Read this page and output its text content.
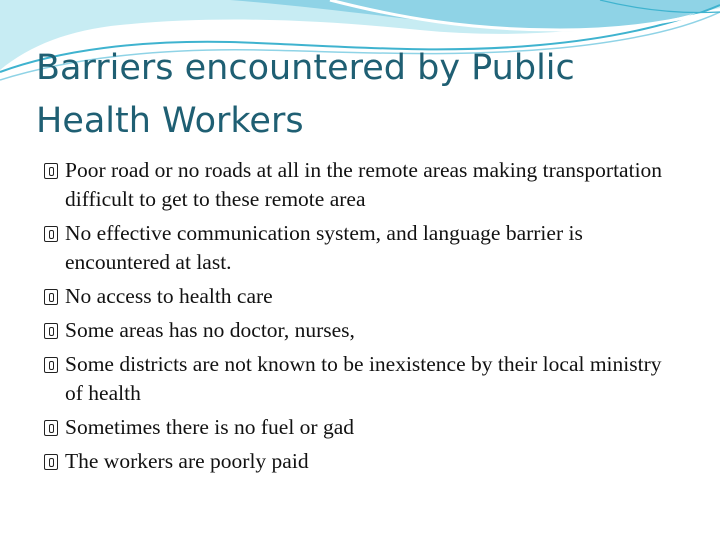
Barriers encountered by Public
Health Workers
Poor road or no roads at all in the remote areas making transportation difficult to get to these remote area
No effective communication system, and language barrier is encountered at last.
No access to health care
Some areas has no doctor, nurses,
Some districts are not known to be inexistence by their local ministry of health
Sometimes there is no fuel or gad
The workers are poorly paid
